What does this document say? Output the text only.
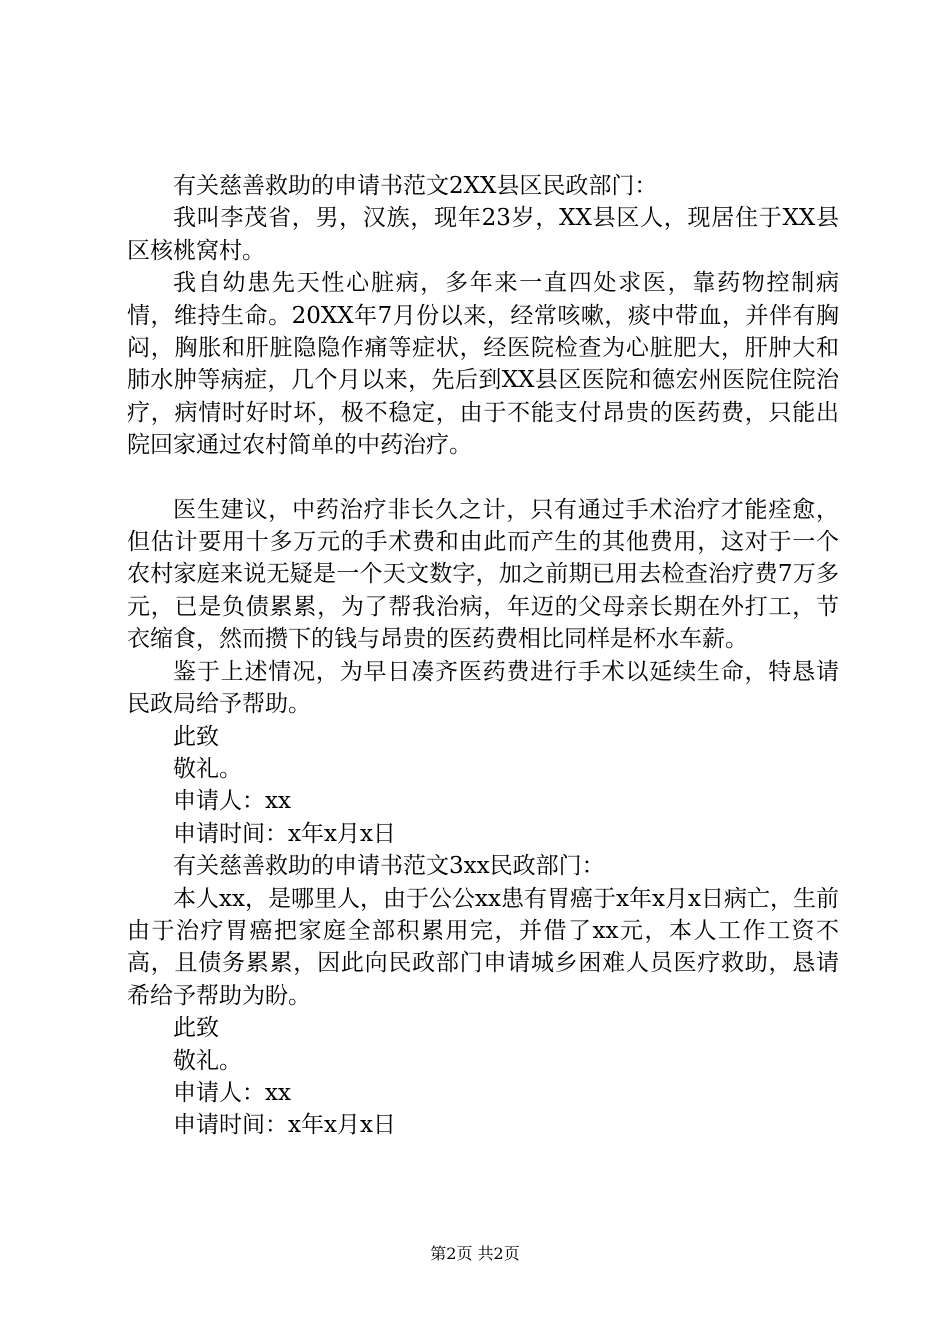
有关慈善救助的申请书范文2XX县区民政部门：

我叫李茂省，男，汉族，现年23岁，XX县区人，现居住于XX县区核桃窝村。

我自幼患先天性心脏病，多年来一直四处求医，靠药物控制病情，维持生命。20XX年7月份以来，经常咳嗽，痰中带血，并伴有胸闷，胸胀和肝脏隐隐作痛等症状，经医院检查为心脏肥大，肝肿大和肺水肿等病症，几个月以来，先后到XX县区医院和德宏州医院住院治疗，病情时好时坏，极不稳定，由于不能支付昂贵的医药费，只能出院回家通过农村简单的中药治疗。

医生建议，中药治疗非长久之计，只有通过手术治疗才能痊愈，但估计要用十多万元的手术费和由此而产生的其他费用，这对于一个农村家庭来说无疑是一个天文数字，加之前期已用去检查治疗费7万多元，已是负债累累，为了帮我治病，年迈的父母亲长期在外打工，节衣缩食，然而攒下的钱与昂贵的医药费相比同样是杯水车薪。

鉴于上述情况，为早日凑齐医药费进行手术以延续生命，特恳请民政局给予帮助。

此致

敬礼。

申请人：xx

申请时间：x年x月x日

有关慈善救助的申请书范文3xx民政部门：

本人xx，是哪里人，由于公公xx患有胃癌于x年x月x日病亡，生前由于治疗胃癌把家庭全部积累用完，并借了xx元，本人工作工资不高，且债务累累，因此向民政部门申请城乡困难人员医疗救助，恳请希给予帮助为盼。

此致

敬礼。

申请人：xx

申请时间：x年x月x日

第2页 共2页
